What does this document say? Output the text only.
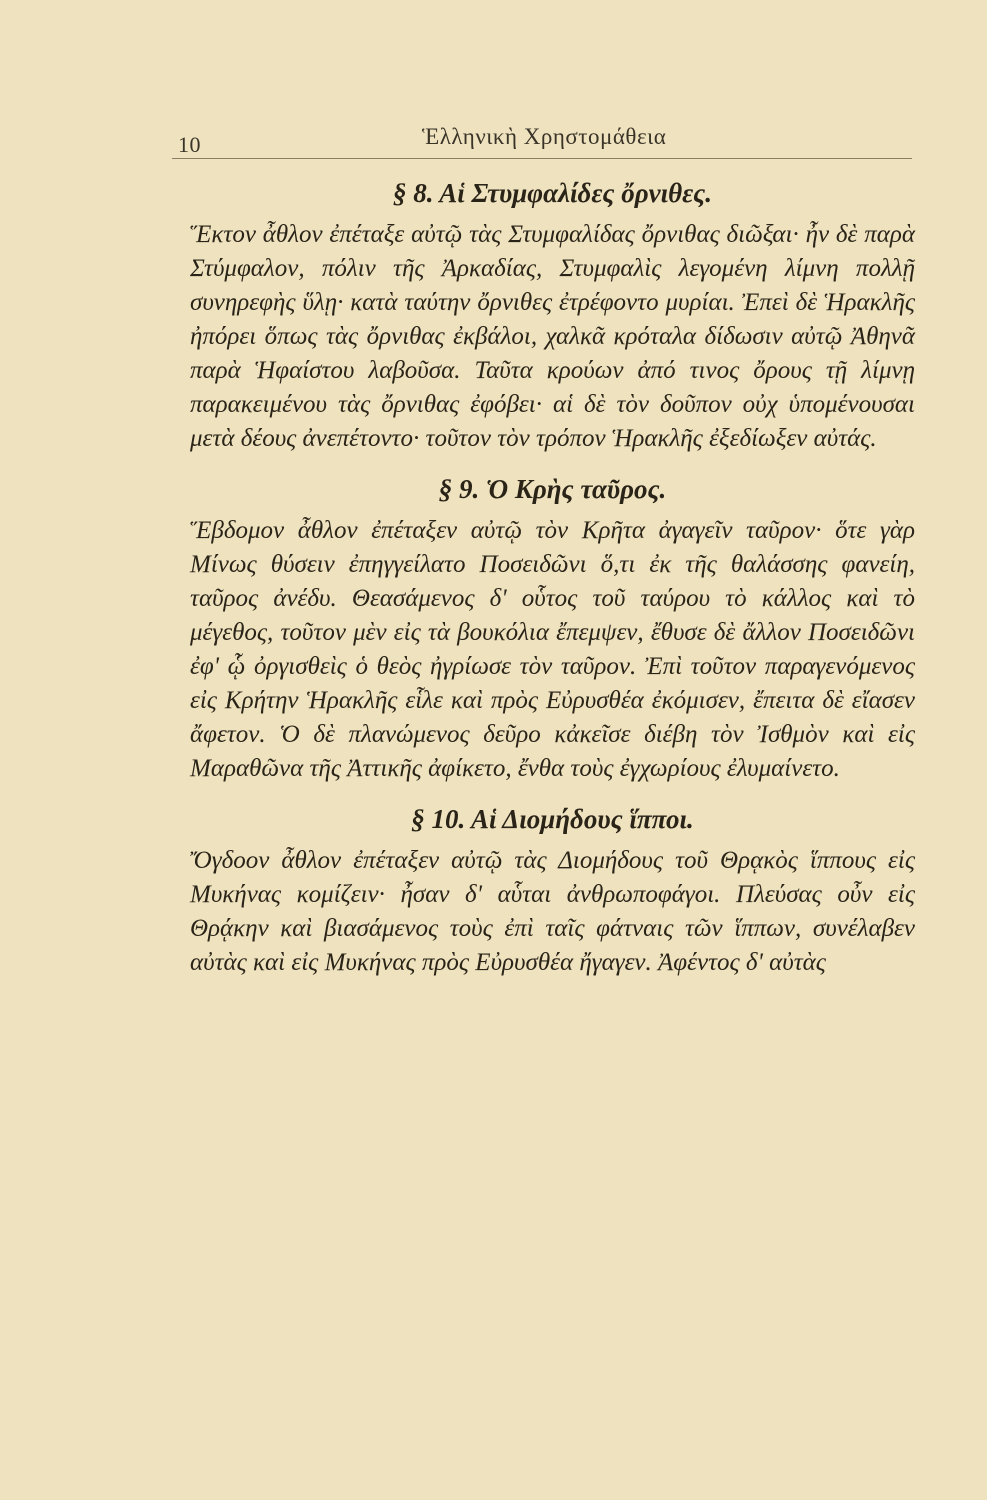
10	Ἑλληνικὴ Χρηστομάθεια
§ 8. Αἱ Στυμφαλίδες ὄρνιθες.

Ἕκτον ἆθλον ἐπέταξε αὐτῷ τὰς Στυμφαλίδας ὄρνιθας διῶξαι· ἦν δὲ παρὰ Στύμφαλον, πόλιν τῆς Ἀρκαδίας, Στυμφαλὶς λεγομένη λίμνη πολλῇ συνηρεφὴς ὕλῃ· κατὰ ταύτην ὄρνιθες ἐτρέφοντο μυρίαι. Ἐπεὶ δὲ Ἡρακλῆς ἠπόρει ὅπως τὰς ὄρνιθας ἐκβάλοι, χαλκᾶ κρόταλα δίδωσιν αὐτῷ Ἀθηνᾶ παρὰ Ἡφαίστου λαβοῦσα. Ταῦτα κρούων ἀπό τινος ὄρους τῇ λίμνῃ παρακειμένου τὰς ὄρνιθας ἐφόβει· αἱ δὲ τὸν δοῦπον οὐχ ὑπομένουσαι μετὰ δέους ἀνεπέτοντο· τοῦτον τὸν τρόπον Ἡρακλῆς ἐξεδίωξεν αὐτάς.

§ 9. Ὁ Κρὴς ταῦρος.

Ἕβδομον ἆθλον ἐπέταξεν αὐτῷ τὸν Κρῆτα ἀγαγεῖν ταῦρον· ὅτε γὰρ Μίνως θύσειν ἐπηγγείλατο Ποσειδῶνι ὅ,τι ἐκ τῆς θαλάσσης φανείη, ταῦρος ἀνέδυ. Θεασάμενος δ' οὗτος τοῦ ταύρου τὸ κάλλος καὶ τὸ μέγεθος, τοῦτον μὲν εἰς τὰ βουκόλια ἔπεμψεν, ἔθυσε δὲ ἄλλον Ποσειδῶνι ἐφ' ᾧ ὀργισθεὶς ὁ θεὸς ἠγρίωσε τὸν ταῦρον. Ἐπὶ τοῦτον παραγενόμενος εἰς Κρήτην Ἡρακλῆς εἷλε καὶ πρὸς Εὐρυσθέα ἐκόμισεν, ἔπειτα δὲ εἴασεν ἄφετον. Ὁ δὲ πλανώμενος δεῦρο κἀκεῖσε διέβη τὸν Ἰσθμὸν καὶ εἰς Μαραθῶνα τῆς Ἀττικῆς ἀφίκετο, ἔνθα τοὺς ἐγχωρίους ἐλυμαίνετο.

§ 10. Αἱ Διομήδους ἵπποι.

Ὄγδοον ἆθλον ἐπέταξεν αὐτῷ τὰς Διομήδους τοῦ Θρᾳκὸς ἵππους εἰς Μυκήνας κομίζειν· ἦσαν δ' αὗται ἀνθρωποφάγοι. Πλεύσας οὖν εἰς Θρᾴκην καὶ βιασάμενος τοὺς ἐπὶ ταῖς φάτναις τῶν ἵππων, συνέλαβεν αὐτὰς καὶ εἰς Μυκήνας πρὸς Εὐρυσθέα ἤγαγεν. Ἀφέντος δ' αὐτὰς
